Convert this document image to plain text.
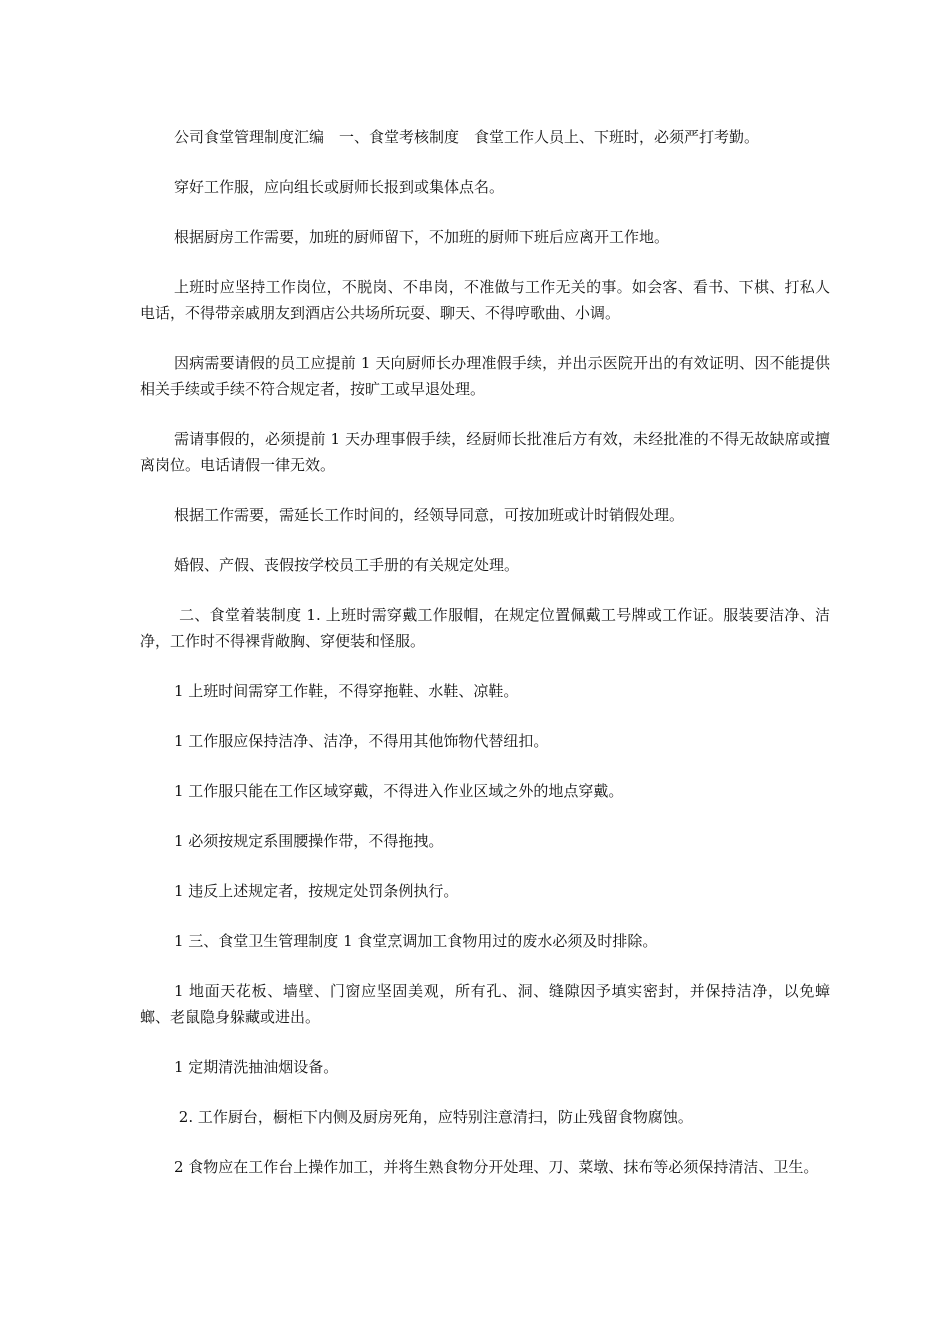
公司食堂管理制度汇编　一、食堂考核制度　食堂工作人员上、下班时，必须严打考勤。

穿好工作服，应向组长或厨师长报到或集体点名。

根据厨房工作需要，加班的厨师留下，不加班的厨师下班后应离开工作地。

上班时应坚持工作岗位，不脱岗、不串岗，不准做与工作无关的事。如会客、看书、下棋、打私人电话，不得带亲戚朋友到酒店公共场所玩耍、聊天、不得哼歌曲、小调。

因病需要请假的员工应提前 1 天向厨师长办理准假手续，并出示医院开出的有效证明、因不能提供相关手续或手续不符合规定者，按旷工或早退处理。

需请事假的，必须提前 1 天办理事假手续，经厨师长批准后方有效，未经批准的不得无故缺席或擅离岗位。电话请假一律无效。

根据工作需要，需延长工作时间的，经领导同意，可按加班或计时销假处理。

婚假、产假、丧假按学校员工手册的有关规定处理。

二、食堂着装制度 1. 上班时需穿戴工作服帽，在规定位置佩戴工号牌或工作证。服装要洁净、洁净，工作时不得裸背敞胸、穿便装和怪服。

1 上班时间需穿工作鞋，不得穿拖鞋、水鞋、凉鞋。

1 工作服应保持洁净、洁净，不得用其他饰物代替纽扣。

1 工作服只能在工作区域穿戴，不得进入作业区域之外的地点穿戴。

1 必须按规定系围腰操作带，不得拖拽。

1 违反上述规定者，按规定处罚条例执行。

1 三、食堂卫生管理制度 1 食堂烹调加工食物用过的废水必须及时排除。

1 地面天花板、墙壁、门窗应坚固美观，所有孔、洞、缝隙因予填实密封，并保持洁净，以免蟑螂、老鼠隐身躲藏或进出。

1 定期清洗抽油烟设备。

2. 工作厨台，橱柜下内侧及厨房死角，应特别注意清扫，防止残留食物腐蚀。

2 食物应在工作台上操作加工，并将生熟食物分开处理、刀、菜墩、抹布等必须保持清洁、卫生。
